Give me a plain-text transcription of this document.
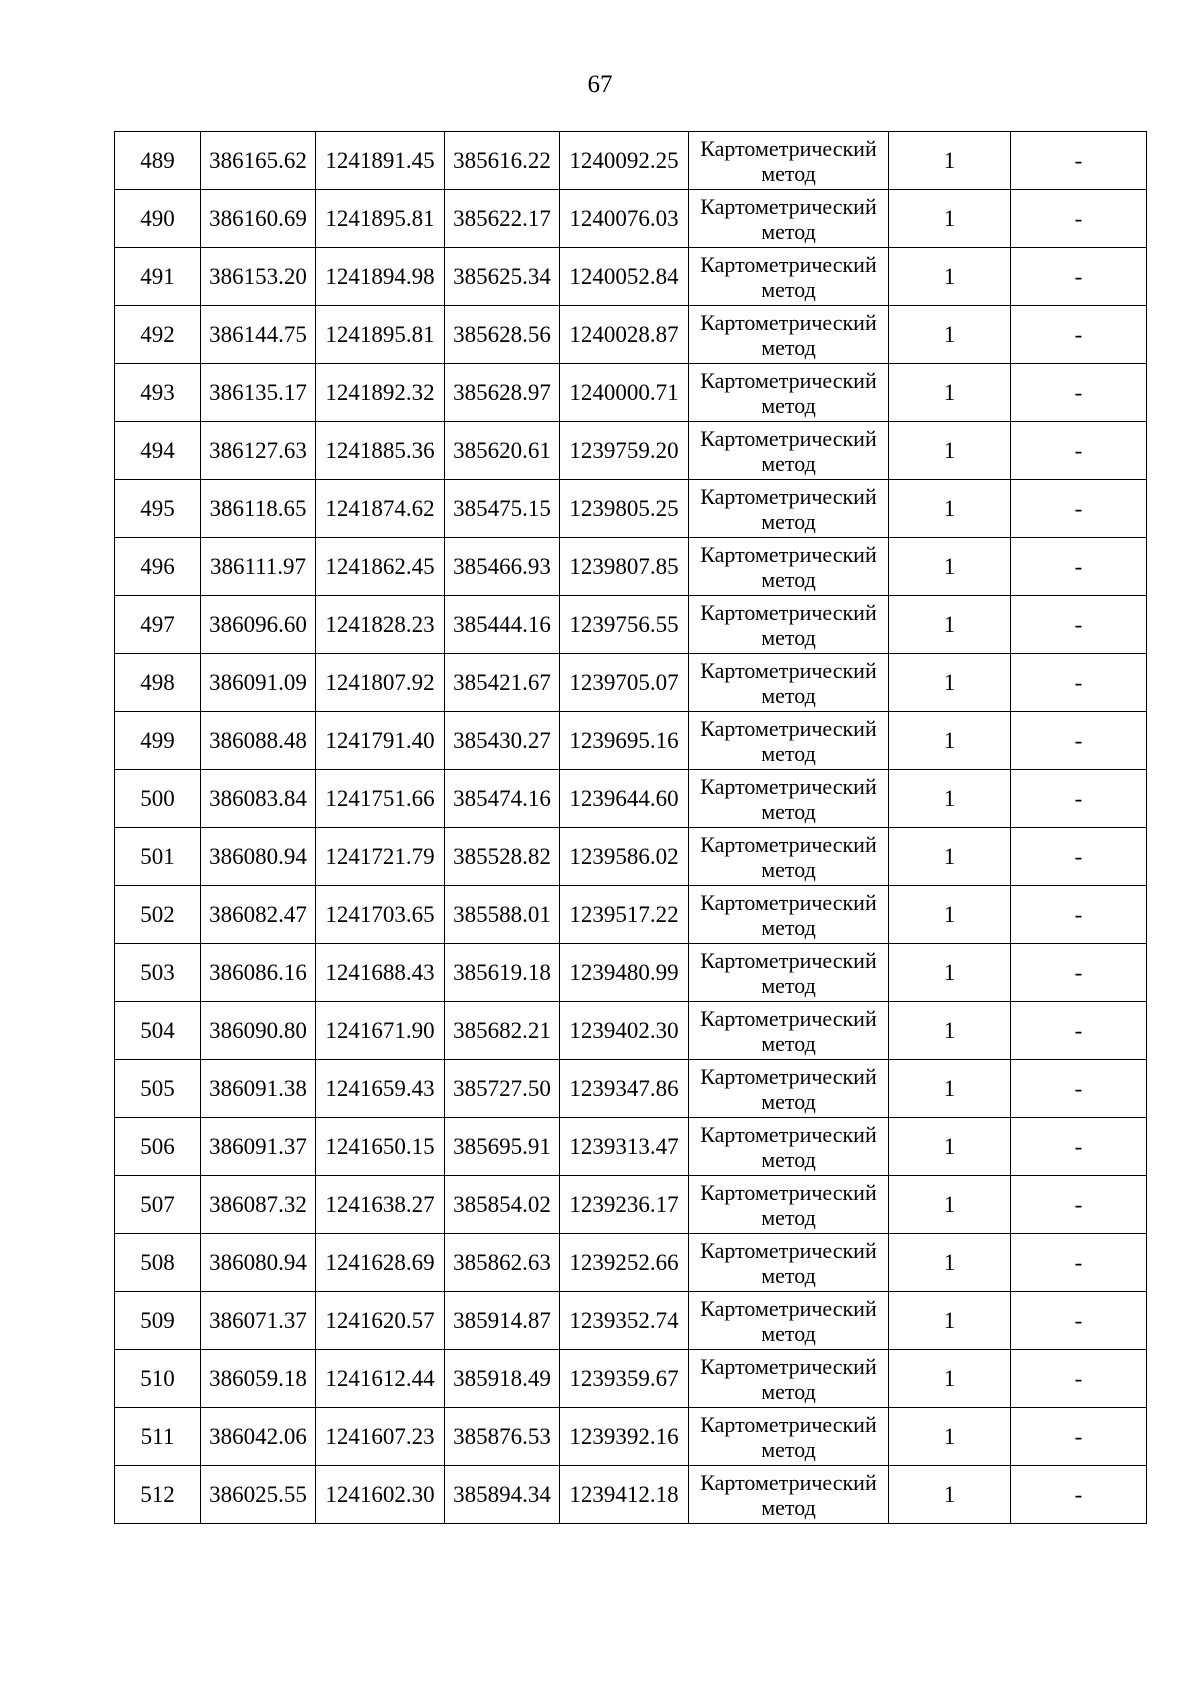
67
489	386165.62	1241891.45	385616.22	1240092.25	Картометрический метод	1	-
490	386160.69	1241895.81	385622.17	1240076.03	Картометрический метод	1	-
491	386153.20	1241894.98	385625.34	1240052.84	Картометрический метод	1	-
492	386144.75	1241895.81	385628.56	1240028.87	Картометрический метод	1	-
493	386135.17	1241892.32	385628.97	1240000.71	Картометрический метод	1	-
494	386127.63	1241885.36	385620.61	1239759.20	Картометрический метод	1	-
495	386118.65	1241874.62	385475.15	1239805.25	Картометрический метод	1	-
496	386111.97	1241862.45	385466.93	1239807.85	Картометрический метод	1	-
497	386096.60	1241828.23	385444.16	1239756.55	Картометрический метод	1	-
498	386091.09	1241807.92	385421.67	1239705.07	Картометрический метод	1	-
499	386088.48	1241791.40	385430.27	1239695.16	Картометрический метод	1	-
500	386083.84	1241751.66	385474.16	1239644.60	Картометрический метод	1	-
501	386080.94	1241721.79	385528.82	1239586.02	Картометрический метод	1	-
502	386082.47	1241703.65	385588.01	1239517.22	Картометрический метод	1	-
503	386086.16	1241688.43	385619.18	1239480.99	Картометрический метод	1	-
504	386090.80	1241671.90	385682.21	1239402.30	Картометрический метод	1	-
505	386091.38	1241659.43	385727.50	1239347.86	Картометрический метод	1	-
506	386091.37	1241650.15	385695.91	1239313.47	Картометрический метод	1	-
507	386087.32	1241638.27	385854.02	1239236.17	Картометрический метод	1	-
508	386080.94	1241628.69	385862.63	1239252.66	Картометрический метод	1	-
509	386071.37	1241620.57	385914.87	1239352.74	Картометрический метод	1	-
510	386059.18	1241612.44	385918.49	1239359.67	Картометрический метод	1	-
511	386042.06	1241607.23	385876.53	1239392.16	Картометрический метод	1	-
512	386025.55	1241602.30	385894.34	1239412.18	Картометрический метод	1	-
